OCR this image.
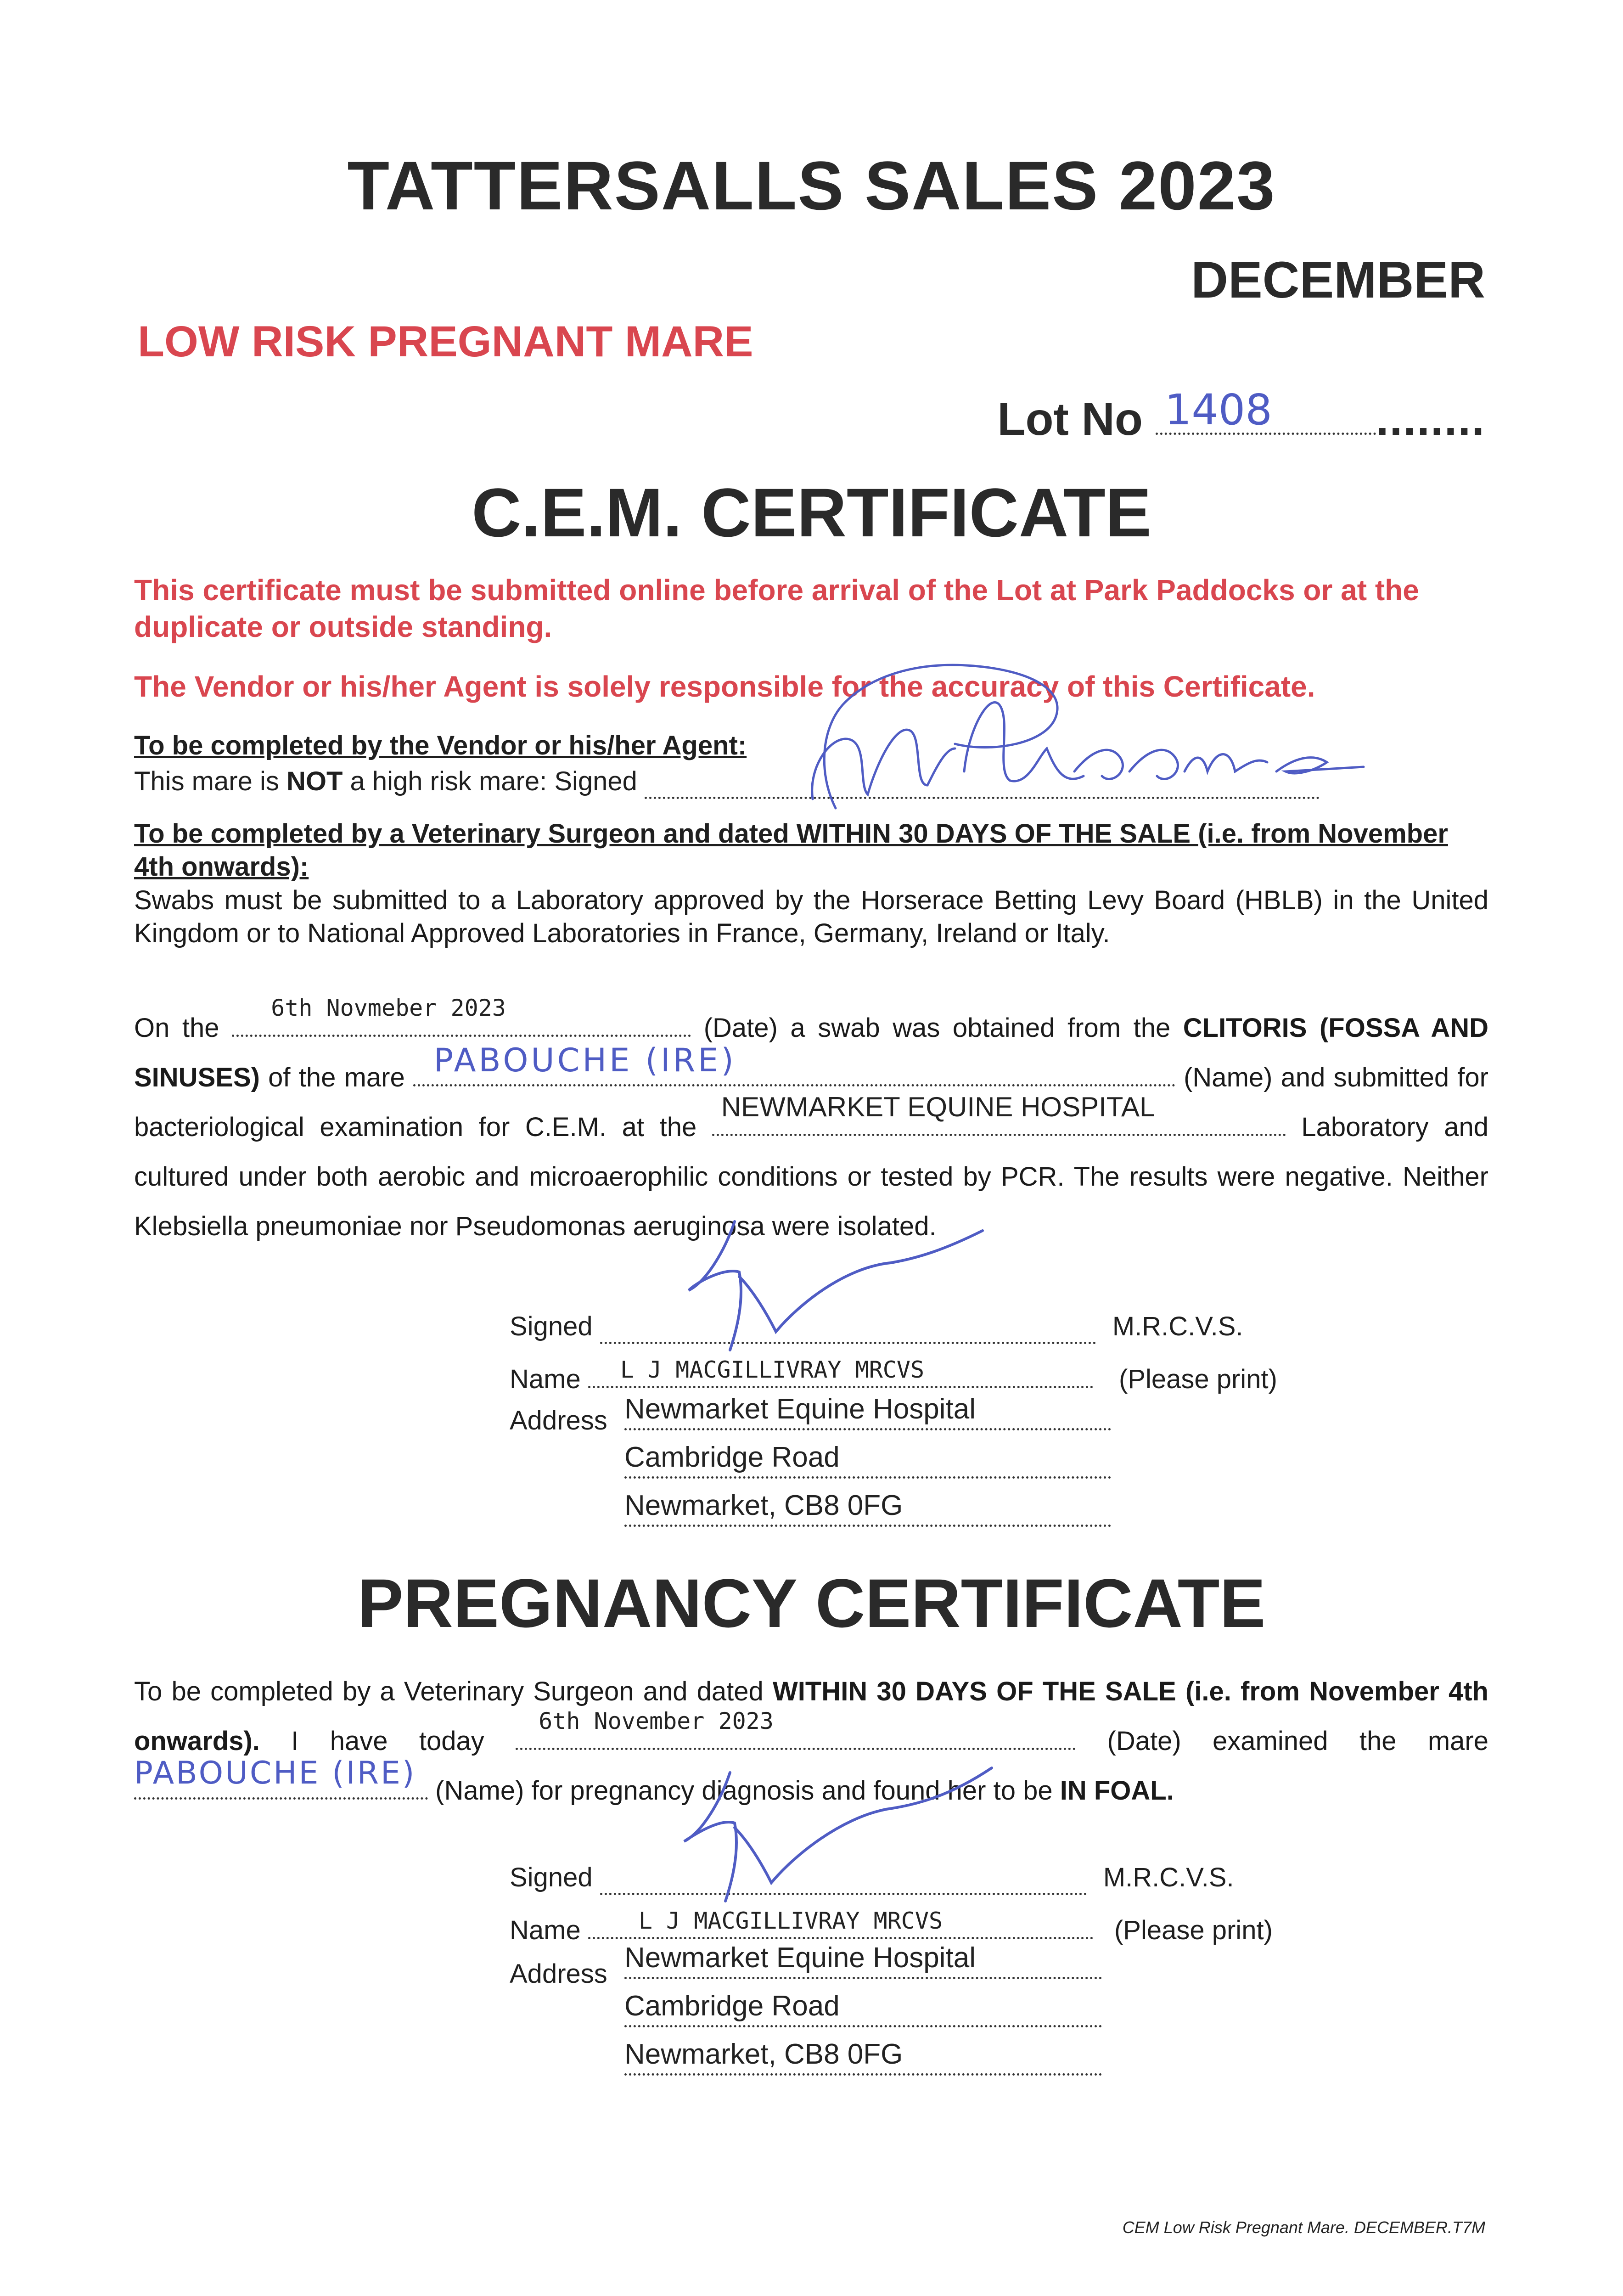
TATTERSALLS SALES 2023
DECEMBER
LOW RISK PREGNANT MARE
Lot No 1408 ........
C.E.M. CERTIFICATE
This certificate must be submitted online before arrival of the Lot at Park Paddocks or at the duplicate or outside standing.
The Vendor or his/her Agent is solely responsible for the accuracy of this Certificate.
To be completed by the Vendor or his/her Agent:
This mare is NOT a high risk mare: Signed
To be completed by a Veterinary Surgeon and dated WITHIN 30 DAYS OF THE SALE (i.e. from November 4th onwards):
Swabs must be submitted to a Laboratory approved by the Horserace Betting Levy Board (HBLB) in the United Kingdom or to National Approved Laboratories in France, Germany, Ireland or Italy.
On the
6th Novmeber 2023
(Date) a swab was obtained from the CLITORIS (FOSSA AND SINUSES) of the mare PABOUCHE (IRE)	(Name) and submitted for bacteriological examination for C.E.M. at the
NEWMARKET EQUINE HOSPITAL
Laboratory and cultured under both aerobic and microaerophilic conditions or tested by PCR. The results were negative. Neither Klebsiella pneumoniae nor Pseudomonas aeruginosa were isolated.
Signed	M.R.C.V.S.
Name L J MACGILLIVRAY MRCVS	(Please print)
Address Newmarket Equine Hospital
Cambridge Road
Newmarket, CB8 0FG
PREGNANCY CERTIFICATE
To be completed by a Veterinary Surgeon and dated WITHIN 30 DAYS OF THE SALE (i.e. from November 4th onwards). I have today
6th November 2023
(Date) examined the mare
PABOUCHE (IRE) (Name) for pregnancy diagnosis and found her to be IN FOAL.
Signed	M.R.C.V.S.
Name	L J MACGILLIVRAY MRCVS	(Please print)
Address
Newmarket Equine Hospital
Cambridge Road
Newmarket, CB8 0FG
CEM Low Risk Pregnant Mare. DECEMBER.T7M
